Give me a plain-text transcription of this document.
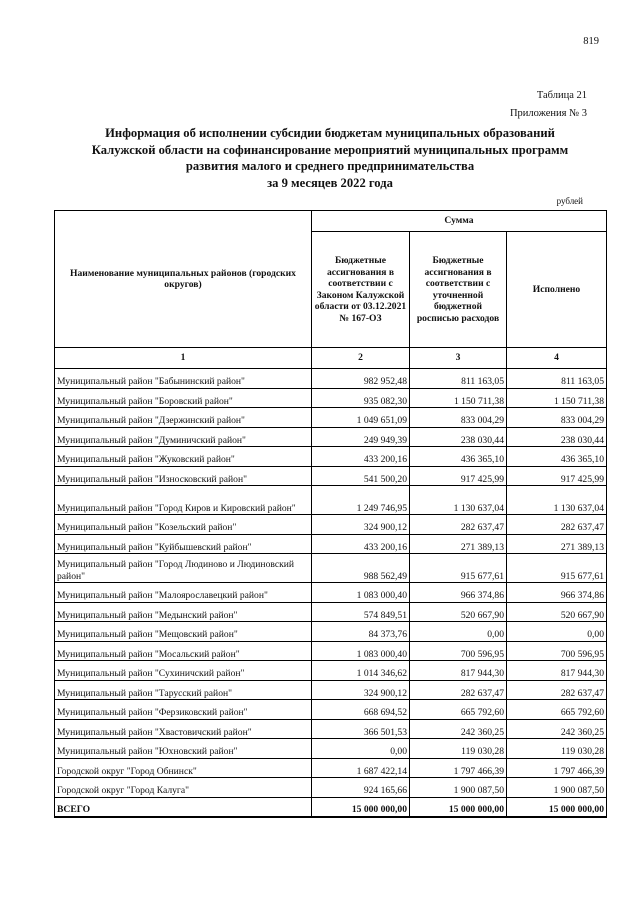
819
Таблица 21
Приложения № 3
Информация об исполнении субсидии бюджетам муниципальных образований
Калужской области на софинансирование мероприятий муниципальных программ
развития малого и среднего предпринимательства
за 9 месяцев 2022 года
рублей
Наименование муниципальных районов (городских округов)	Сумма		
	Бюджетные ассигнования в соответствии с Законом Калужской области от 03.12.2021 № 167-ОЗ	Бюджетные ассигнования в соответствии с уточненной бюджетной росписью расходов	Исполнено
1	2	3	4
Муниципальный район "Бабынинский район"	982 952,48	811 163,05	811 163,05
Муниципальный район "Боровский район"	935 082,30	1 150 711,38	1 150 711,38
Муниципальный район "Дзержинский район"	1 049 651,09	833 004,29	833 004,29
Муниципальный район "Думиничский район"	249 949,39	238 030,44	238 030,44
Муниципальный район "Жуковский район"	433 200,16	436 365,10	436 365,10
Муниципальный район "Износковский район"	541 500,20	917 425,99	917 425,99
Муниципальный район "Город Киров и Кировский район"	1 249 746,95	1 130 637,04	1 130 637,04
Муниципальный район "Козельский район"	324 900,12	282 637,47	282 637,47
Муниципальный район "Куйбышевский район"	433 200,16	271 389,13	271 389,13
Муниципальный район "Город Людиново и Людиновский район"	988 562,49	915 677,61	915 677,61
Муниципальный район "Малоярославецкий район"	1 083 000,40	966 374,86	966 374,86
Муниципальный район "Медынский район"	574 849,51	520 667,90	520 667,90
Муниципальный район "Мещовский район"	84 373,76	0,00	0,00
Муниципальный район "Мосальский район"	1 083 000,40	700 596,95	700 596,95
Муниципальный район "Сухиничский район"	1 014 346,62	817 944,30	817 944,30
Муниципальный район "Тарусский район"	324 900,12	282 637,47	282 637,47
Муниципальный район "Ферзиковский район"	668 694,52	665 792,60	665 792,60
Муниципальный район "Хвастовичский район"	366 501,53	242 360,25	242 360,25
Муниципальный район "Юхновский район"	0,00	119 030,28	119 030,28
Городской округ "Город Обнинск"	1 687 422,14	1 797 466,39	1 797 466,39
Городской округ "Город Калуга"	924 165,66	1 900 087,50	1 900 087,50
ВСЕГО	15 000 000,00	15 000 000,00	15 000 000,00
